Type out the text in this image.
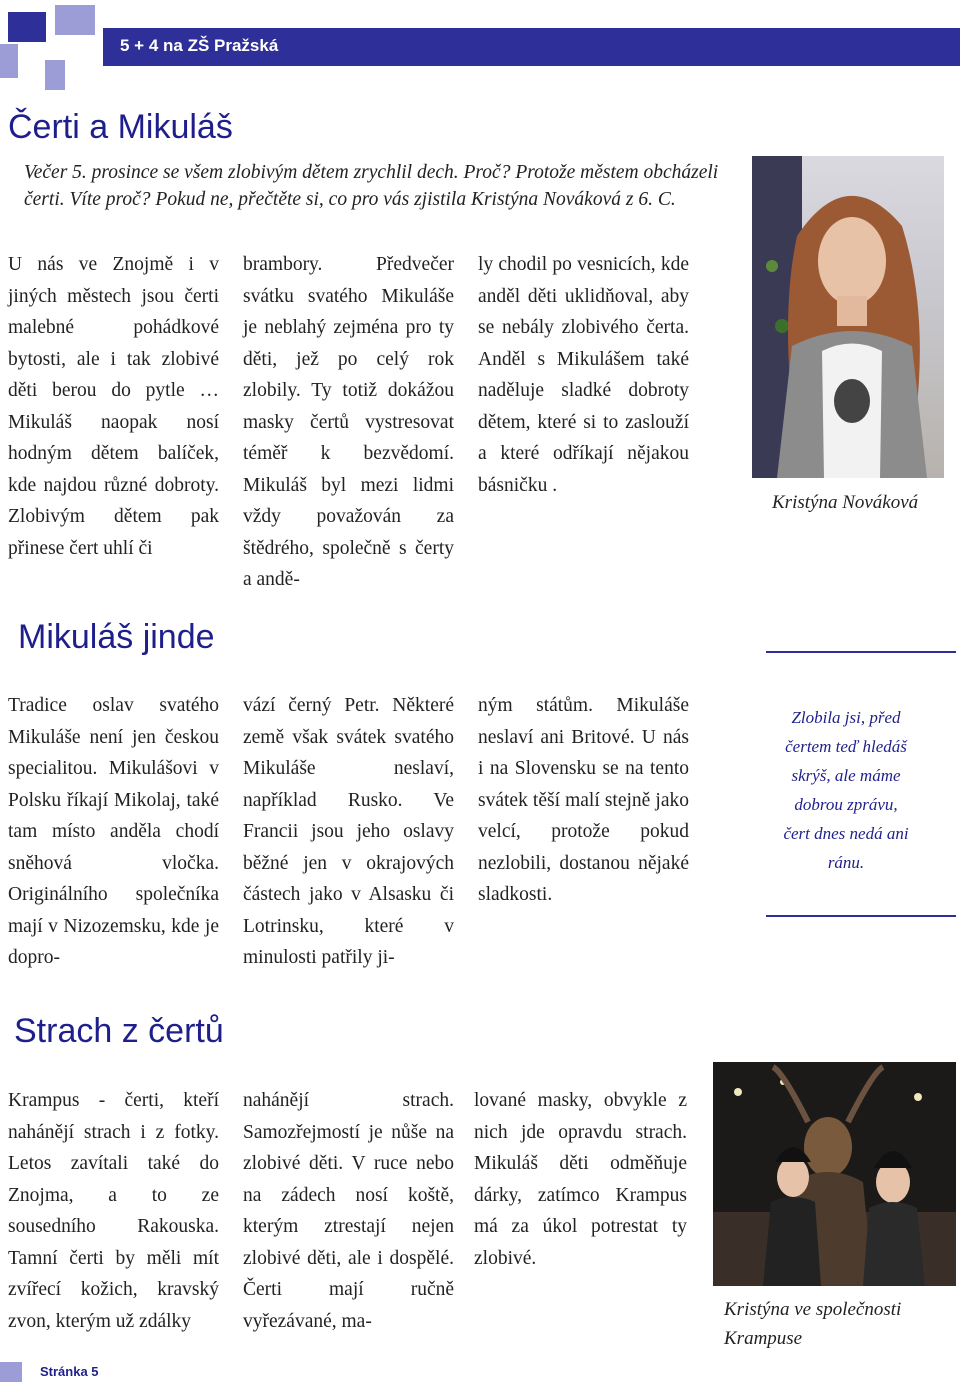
5 + 4 na ZŠ Pražská
Čerti a Mikuláš
Večer 5. prosince se všem zlobivým dětem zrychlil dech. Proč? Protože městem obcházeli čerti. Víte proč? Pokud ne, přečtěte si, co pro vás zjistila Kristýna Nováková z 6. C.

U nás ve Znojmě i v jiných městech jsou čerti malebné pohádkové bytosti, ale i tak zlobivé děti berou do pytle … Mikuláš naopak nosí hodným dětem balíček, kde najdou různé dobroty. Zlobivým dětem pak přinese čert uhlí či

brambory. Předvečer svátku svatého Mikuláše je neblahý zejména pro ty děti, jež po celý rok zlobily. Ty totiž dokážou masky čertů vystresovat téměř k bezvědomí. Mikuláš byl mezi lidmi vždy považován za štědrého, společně s čerty a andě-

ly chodil po vesnicích, kde anděl děti uklidňoval, aby se nebály zlobivého čerta. Anděl s Mikulášem také naděluje sladké dobroty dětem, které si to zaslouží a které odříkají nějakou básničku .

Kristýna Nováková
Mikuláš jinde

Tradice oslav svatého Mikuláše není jen českou specialitou. Mikulášovi v Polsku říkají Mikolaj, také tam místo anděla chodí sněhová vločka. Originálního společníka mají v Nizozemsku, kde je dopro-

vází černý Petr. Některé země však svátek svatého Mikuláše neslaví, například Rusko. Ve Francii jsou jeho oslavy běžné jen v okrajových částech jako v Alsasku či Lotrinsku, které v minulosti patřily ji-

ným státům. Mikuláše neslaví ani Britové. U nás i na Slovensku se na tento svátek těší malí stejně jako velcí, protože pokud nezlobili, dostanou nějaké sladkosti.

Zlobila jsi, před
čertem teď hledáš
skrýš, ale máme
dobrou zprávu,
čert dnes nedá ani
ránu.
Strach z čertů

Krampus - čerti, kteří nahánějí strach i z fotky. Letos zavítali také do Znojma, a to ze sousedního Rakouska. Tamní čerti by měli mít zvířecí kožich, kravský zvon, kterým už zdálky

nahánějí strach. Samozřejmostí je nůše na zlobivé děti. V ruce nebo na zádech nosí koště, kterým ztrestají nejen zlobivé děti, ale i dospělé. Čerti mají ručně vyřezávané, ma-

lované masky, obvykle z nich jde opravdu strach. Mikuláš děti odměňuje dárky, zatímco Krampus má za úkol potrestat ty zlobivé.

Kristýna ve společnosti
Krampuse
Stránka 5
